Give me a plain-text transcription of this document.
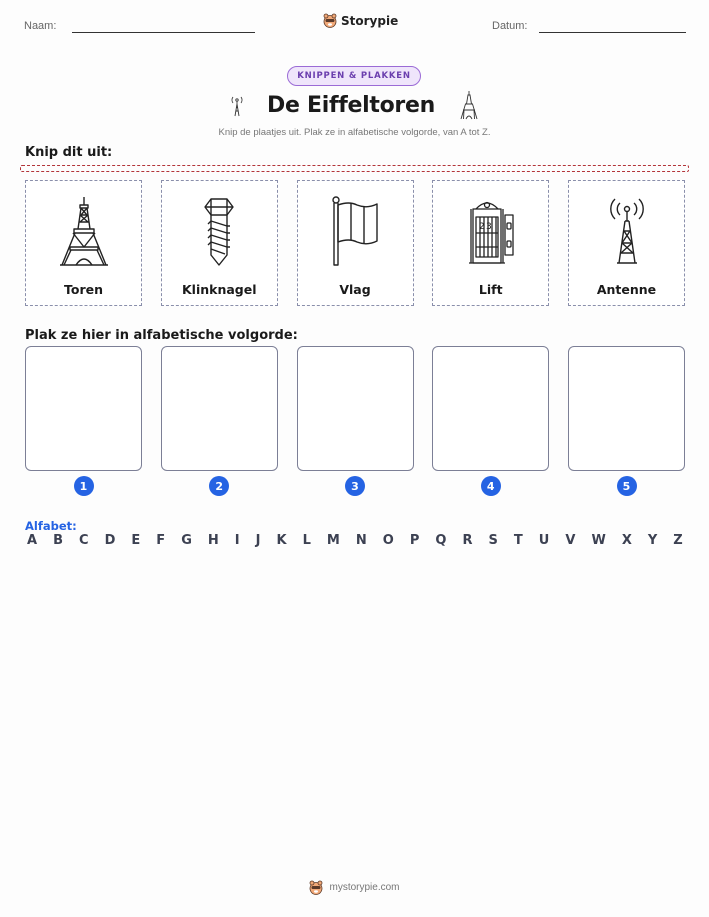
Naam:	Storypie	Datum:
KNIPPEN & PLAKKEN
De Eiffeltoren
Knip de plaatjes uit. Plak ze in alfabetische volgorde, van A tot Z.
Knip dit uit:
Toren	Klinknagel	Vlag
2 3
Lift	Antenne
Plak ze hier in alfabetische volgorde:
1	2	3	4	5
Alfabet:
A B C D E F G H I J K L M N O P Q R S T U V W X Y Z
mystorypie.com
